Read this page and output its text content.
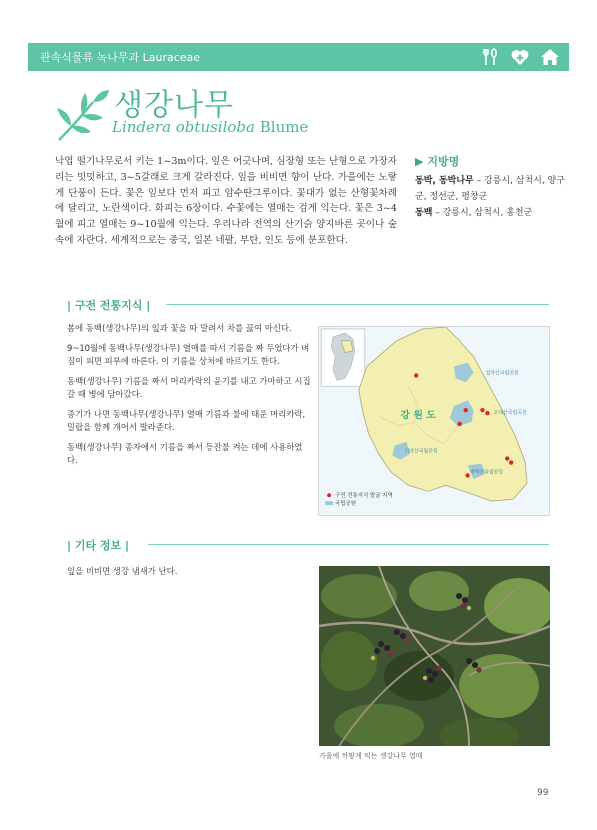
관속식물류 녹나무과 Lauraceae
생강나무
Lindera obtusiloba Blume
낙엽 떨기나무로서 키는 1~3m이다. 잎은 어긋나며, 심장형 또는 난형으로 가장자리는 밋밋하고, 3~5갈래로 크게 갈라진다. 잎을 비비면 향이 난다. 가을에는 노랗게 단풍이 든다. 꽃은 잎보다 먼저 피고 암수딴그루이다. 꽃대가 없는 산형꽃차례에 달리고, 노란색이다. 화피는 6장이다. 수꽃에는 열매는 검게 익는다. 꽃은 3~4월에 피고 열매는 9~10월에 익는다. 우리나라 전역의 산기슭 양지바른 곳이나 숲속에 자란다. 세계적으로는 중국, 일본 네팔, 부탄, 인도 등에 분포한다.
▶ 지방명
동박, 동박나무 – 강릉시, 삼척시, 양구군, 정선군, 평창군
동백 – 강릉시, 삼척시, 홍천군
| 구전 전통지식 |

봄에 동백(생강나무)의 잎과 꽃을 따 말려서 차를 끓여 마신다.

9~10월에 동백나무(생강나무) 열매를 따서 기름을 짜 두었다가 벼짐이 피면 피부에 바른다. 이 기름을 상처에 바르기도 한다.

동백(생강나무) 기름을 짜서 머리카락의 윤기를 내고 가마하고 시집갈 때 병에 담아갔다.

종기가 나면 동백나무(생강나무) 열매 기름과 불에 태운 머리카락, 밀랍을 함께 개어서 발라준다.

동백(생강나무) 종자에서 기름을 짜서 등잔불 켜는 데에 사용하였다.

강 원 도
설악산국립공원
오대산국립공원
치악산국립공원
태백산국립공원
구전 전통지식 발굴 지역
국립공원
| 기타 정보 |
잎을 비비면 생강 냄새가 난다.
가을에 까맣게 익는 생강나무 열매
99
